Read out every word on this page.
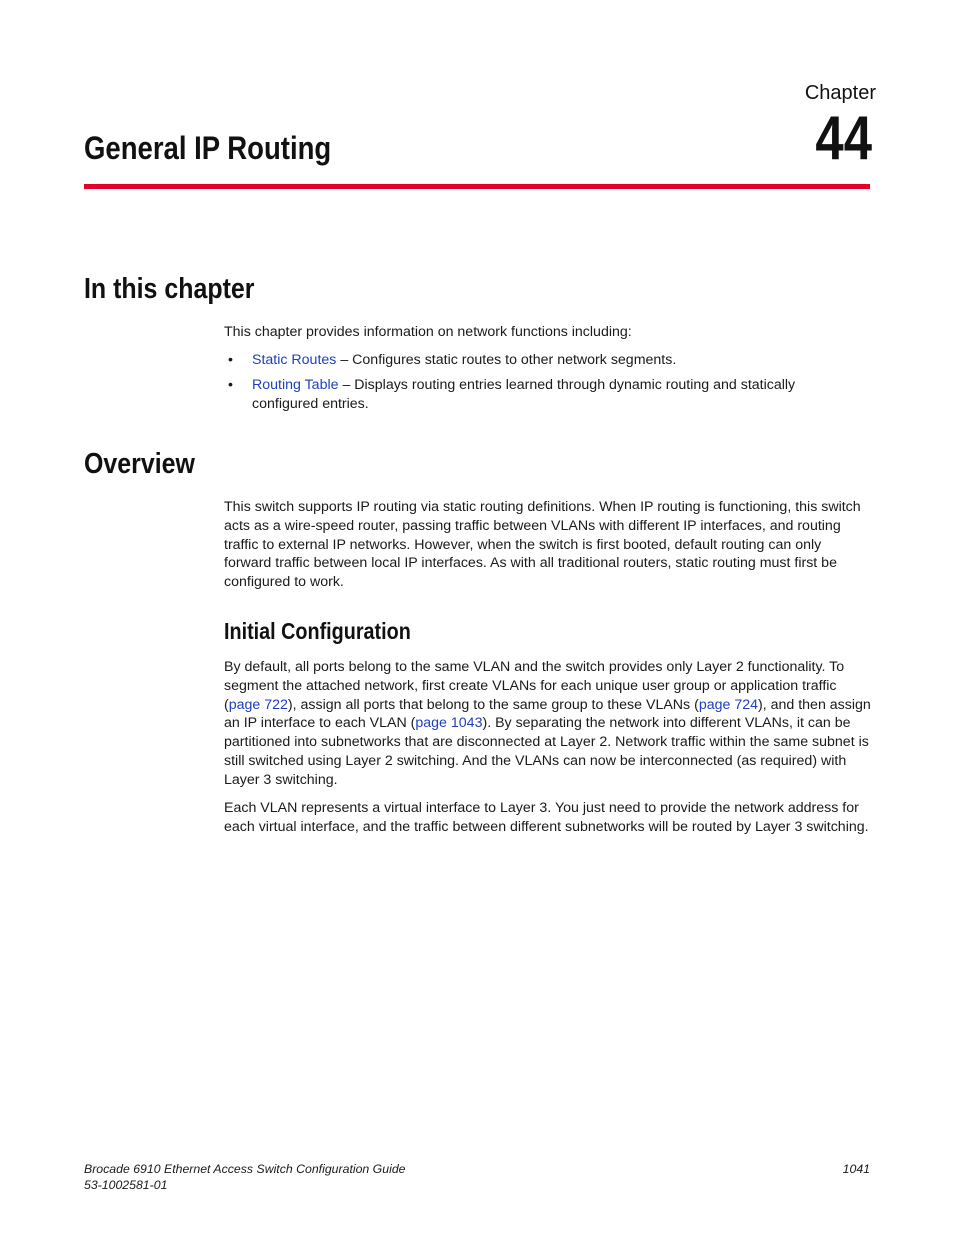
Chapter
44
General IP Routing
In this chapter

This chapter provides information on network functions including:

• Static Routes – Configures static routes to other network segments.
• Routing Table – Displays routing entries learned through dynamic routing and statically configured entries.
Overview

This switch supports IP routing via static routing definitions. When IP routing is functioning, this switch acts as a wire-speed router, passing traffic between VLANs with different IP interfaces, and routing traffic to external IP networks. However, when the switch is first booted, default routing can only forward traffic between local IP interfaces. As with all traditional routers, static routing must first be configured to work.

Initial Configuration

By default, all ports belong to the same VLAN and the switch provides only Layer 2 functionality. To segment the attached network, first create VLANs for each unique user group or application traffic (page 722), assign all ports that belong to the same group to these VLANs (page 724), and then assign an IP interface to each VLAN (page 1043). By separating the network into different VLANs, it can be partitioned into subnetworks that are disconnected at Layer 2. Network traffic within the same subnet is still switched using Layer 2 switching. And the VLANs can now be interconnected (as required) with Layer 3 switching.

Each VLAN represents a virtual interface to Layer 3. You just need to provide the network address for each virtual interface, and the traffic between different subnetworks will be routed by Layer 3 switching.

Brocade 6910 Ethernet Access Switch Configuration Guide
53-1002581-01
1041
